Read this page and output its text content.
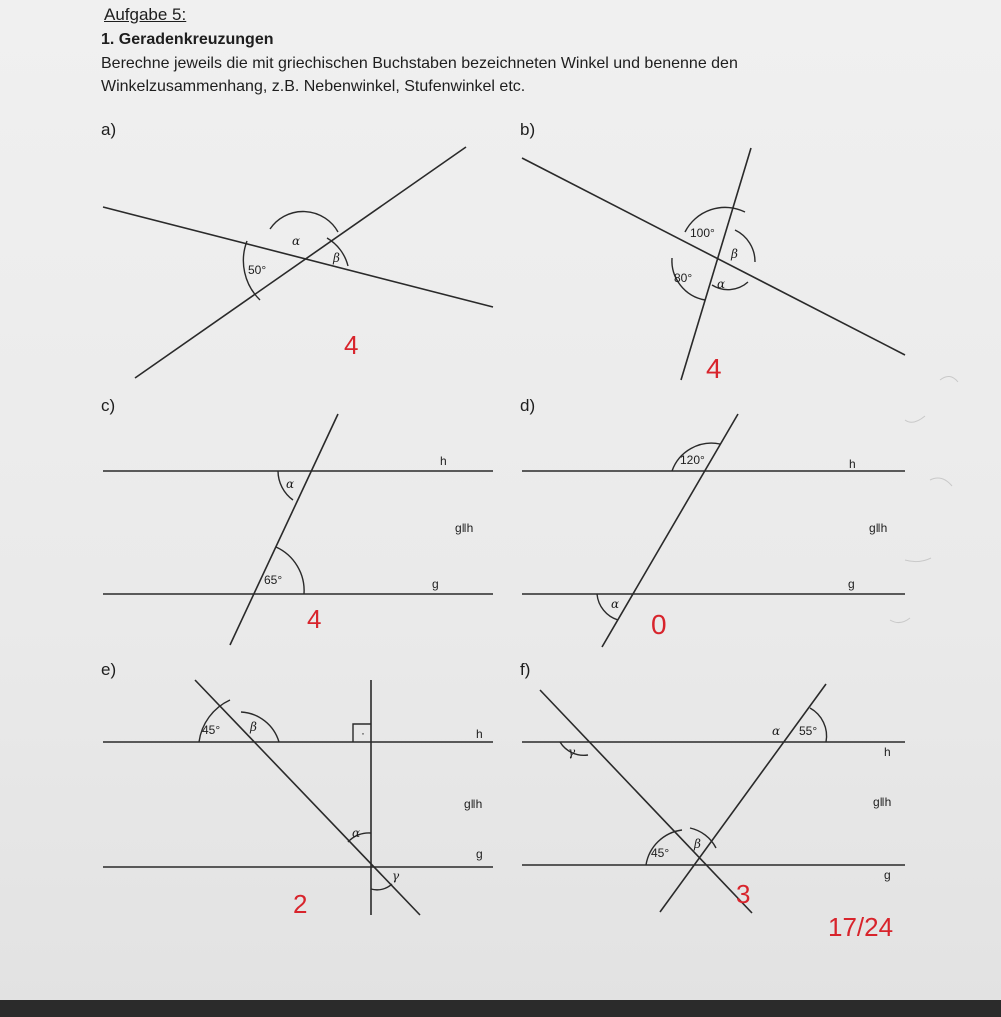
Aufgabe 5:
1. Geradenkreuzungen
Berechne jeweils die mit griechischen Buchstaben bezeichneten Winkel und benenne den
Winkelzusammenhang, z.B. Nebenwinkel, Stufenwinkel etc.
a)	b)
c)	d)
e)	f)
α
β
50°
4
100°
β
80° α
4
h
α
g‖h
65°	g
4
120°	h
g‖h
g
α
0
45° β	·	h
g‖h
α
g
γ
2
α 55°
γ	h
g‖h
β
45°
g
3
17/24
